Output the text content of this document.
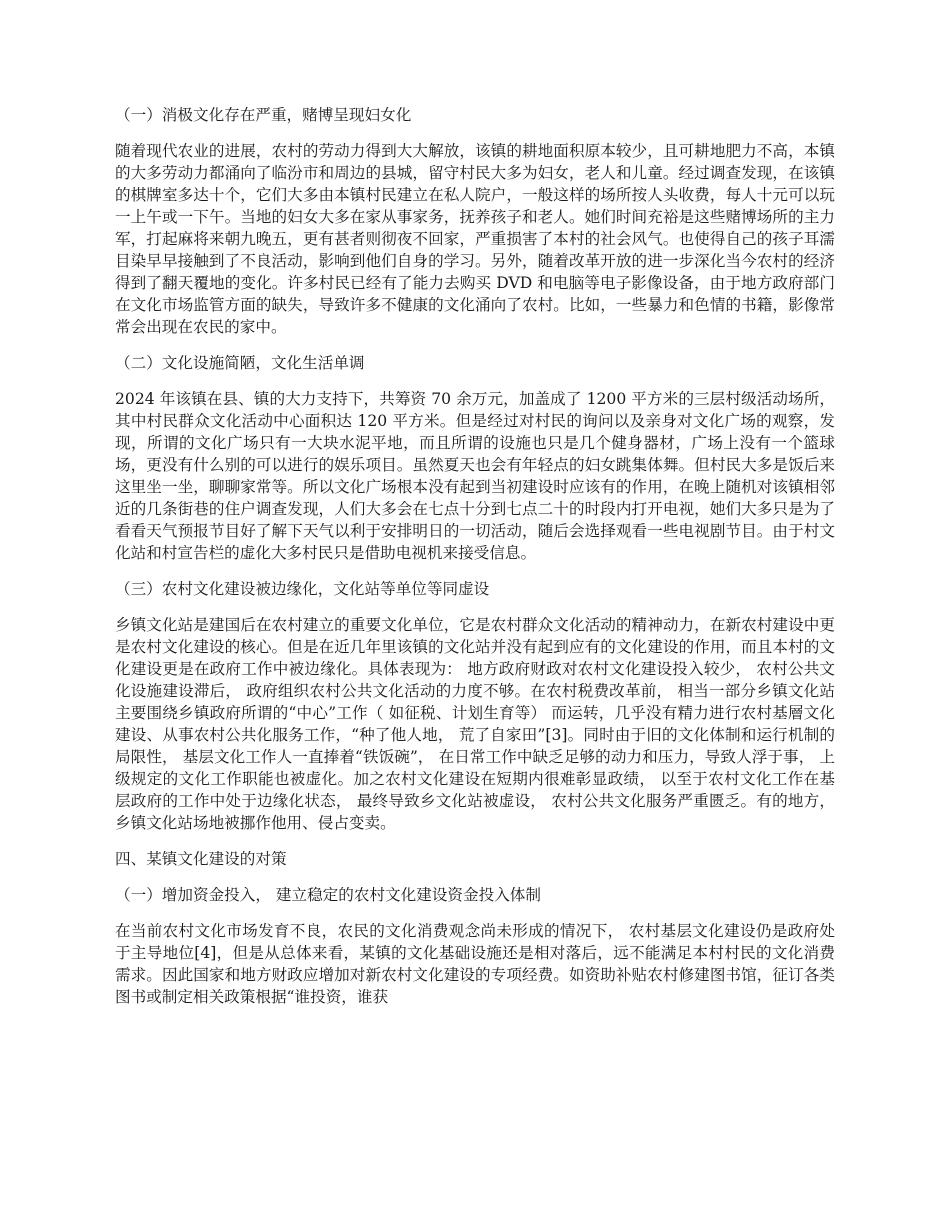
（一）消极文化存在严重，赌博呈现妇女化

随着现代农业的进展，农村的劳动力得到大大解放，该镇的耕地面积原本较少，且可耕地肥力不高，本镇的大多劳动力都涌向了临汾市和周边的县城，留守村民大多为妇女，老人和儿童。经过调查发现，在该镇的棋牌室多达十个，它们大多由本镇村民建立在私人院户，一般这样的场所按人头收费，每人十元可以玩一上午或一下午。当地的妇女大多在家从事家务，抚养孩子和老人。她们时间充裕是这些赌博场所的主力军，打起麻将来朝九晚五，更有甚者则彻夜不回家，严重损害了本村的社会风气。也使得自己的孩子耳濡目染早早接触到了不良活动，影响到他们自身的学习。另外，随着改革开放的进一步深化当今农村的经济得到了翻天覆地的变化。许多村民已经有了能力去购买 DVD 和电脑等电子影像设备，由于地方政府部门在文化市场监管方面的缺失，导致许多不健康的文化涌向了农村。比如，一些暴力和色情的书籍，影像常常会出现在农民的家中。

（二）文化设施简陋，文化生活单调

2024 年该镇在县、镇的大力支持下，共筹资 70 余万元，加盖成了 1200 平方米的三层村级活动场所，其中村民群众文化活动中心面积达 120 平方米。但是经过对村民的询问以及亲身对文化广场的观察，发现，所谓的文化广场只有一大块水泥平地，而且所谓的设施也只是几个健身器材，广场上没有一个篮球场，更没有什么别的可以进行的娱乐项目。虽然夏天也会有年轻点的妇女跳集体舞。但村民大多是饭后来这里坐一坐，聊聊家常等。所以文化广场根本没有起到当初建设时应该有的作用，在晚上随机对该镇相邻近的几条街巷的住户调查发现，人们大多会在七点十分到七点二十的时段内打开电视，她们大多只是为了看看天气预报节目好了解下天气以利于安排明日的一切活动，随后会选择观看一些电视剧节目。由于村文化站和村宣告栏的虚化大多村民只是借助电视机来接受信息。

（三）农村文化建设被边缘化，文化站等单位等同虚设

乡镇文化站是建国后在农村建立的重要文化单位，它是农村群众文化活动的精神动力，在新农村建设中更是农村文化建设的核心。但是在近几年里该镇的文化站并没有起到应有的文化建设的作用，而且本村的文化建设更是在政府工作中被边缘化。具体表现为： 地方政府财政对农村文化建设投入较少， 农村公共文化设施建设滞后， 政府组织农村公共文化活动的力度不够。在农村税费改革前， 相当一部分乡镇文化站主要围绕乡镇政府所谓的“中心”工作（ 如征税、计划生育等） 而运转，几乎没有精力进行农村基層文化建设、从事农村公共化服务工作，“种了他人地， 荒了自家田”[3]。同时由于旧的文化体制和运行机制的局限性， 基层文化工作人一直捧着“铁饭碗”， 在日常工作中缺乏足够的动力和压力，导致人浮于事， 上级规定的文化工作职能也被虚化。加之农村文化建设在短期内很难彰显政绩， 以至于农村文化工作在基层政府的工作中处于边缘化状态， 最终导致乡文化站被虚设， 农村公共文化服务严重匮乏。有的地方， 乡镇文化站场地被挪作他用、侵占变卖。

四、某镇文化建设的对策

（一）增加资金投入， 建立稳定的农村文化建设资金投入体制

在当前农村文化市场发育不良，农民的文化消费观念尚未形成的情况下， 农村基层文化建设仍是政府处于主导地位[4]，但是从总体来看，某镇的文化基础设施还是相对落后，远不能满足本村村民的文化消费需求。因此国家和地方财政应增加对新农村文化建设的专项经费。如资助补贴农村修建图书馆，征订各类图书或制定相关政策根据“谁投资，谁获
